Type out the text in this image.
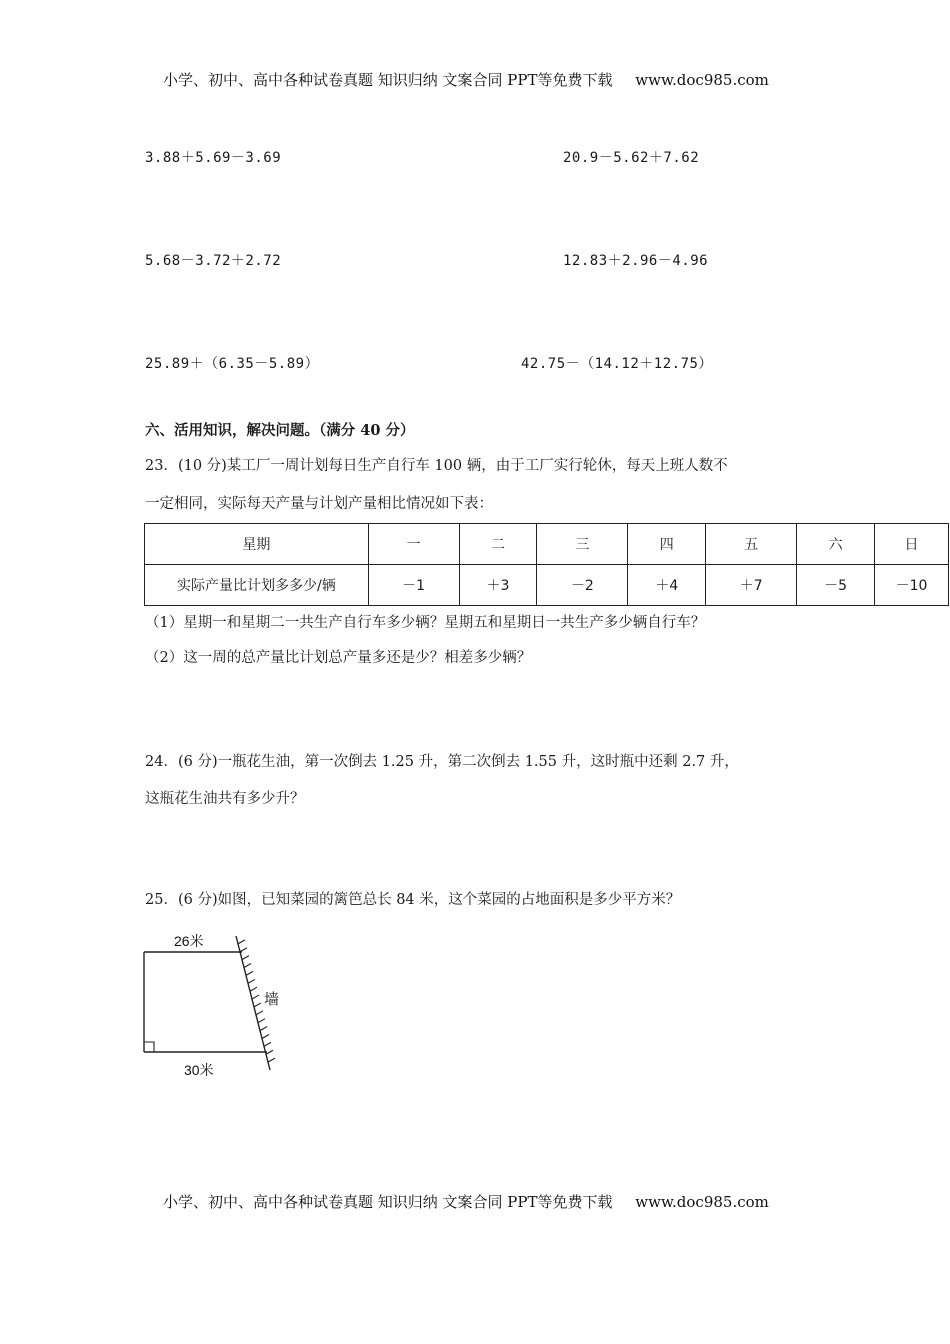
小学、初中、高中各种试卷真题 知识归纳 文案合同 PPT等免费下载 www.doc985.com
3.88＋5.69－3.69	20.9－5.62＋7.62
5.68－3.72＋2.72	12.83＋2.96－4.96
25.89＋（6.35－5.89）	42.75－（14.12＋12.75）
六、活用知识，解决问题。（满分 40 分）
23．(10 分)某工厂一周计划每日生产自行车 100 辆，由于工厂实行轮休，每天上班人数不
一定相同，实际每天产量与计划产量相比情况如下表：
星期	一	二	三	四	五	六	日
实际产量比计划多多少/辆	－1	＋3	－2	＋4	＋7	－5	－10
（1）星期一和星期二一共生产自行车多少辆？星期五和星期日一共生产多少辆自行车？
（2）这一周的总产量比计划总产量多还是少？相差多少辆？
24．(6 分)一瓶花生油，第一次倒去 1.25 升，第二次倒去 1.55 升，这时瓶中还剩 2.7 升，
这瓶花生油共有多少升？
25．(6 分)如图，已知菜园的篱笆总长 84 米，这个菜园的占地面积是多少平方米？
26米
30米
墙
小学、初中、高中各种试卷真题 知识归纳 文案合同 PPT等免费下载 www.doc985.com
